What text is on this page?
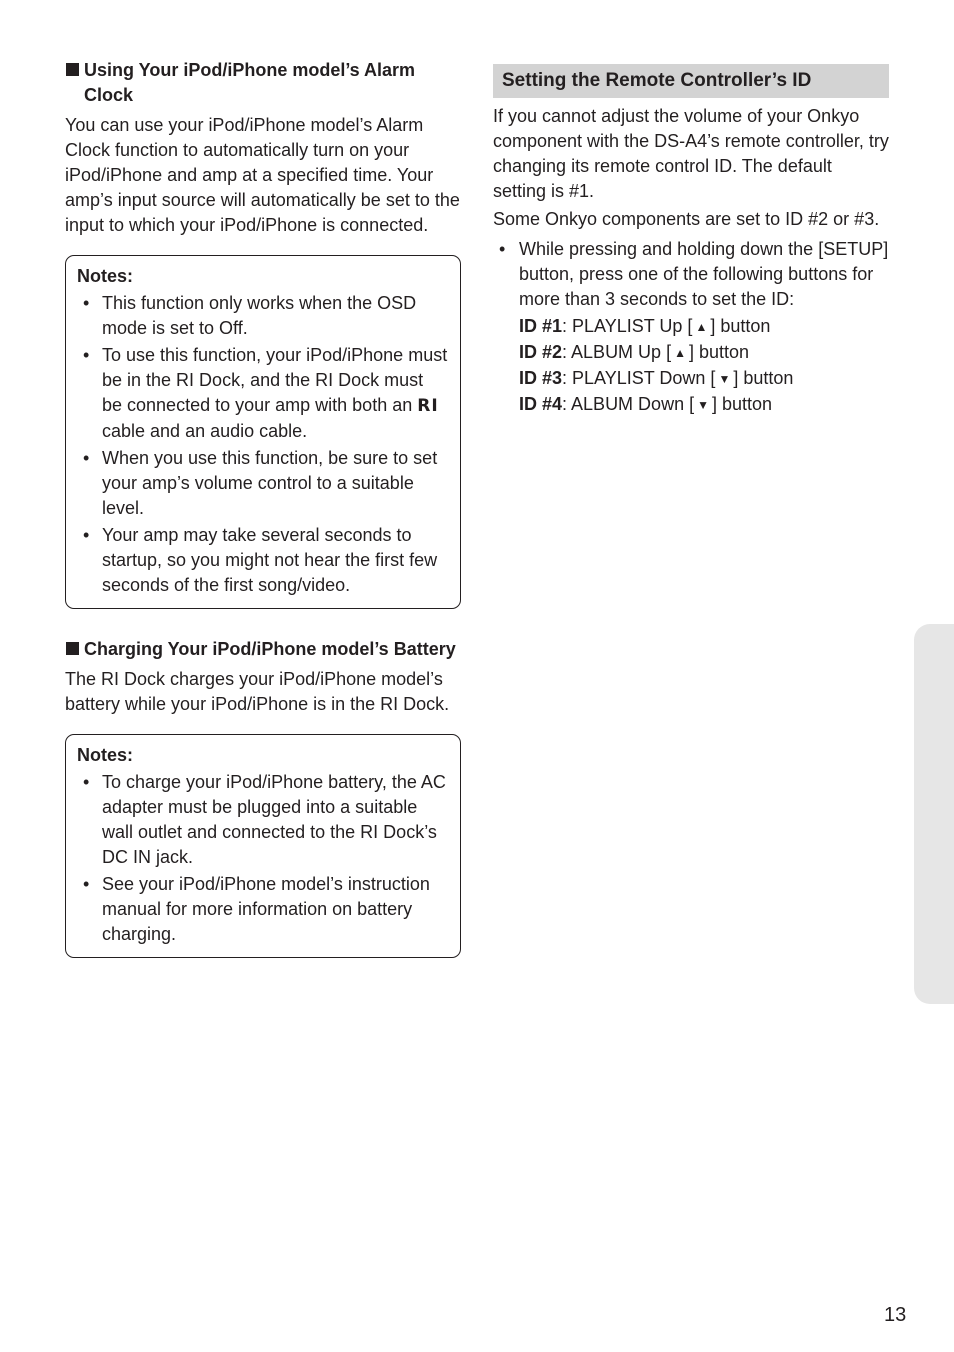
Using Your iPod/iPhone model’s Alarm Clock

You can use your iPod/iPhone model’s Alarm Clock function to automatically turn on your iPod/iPhone and amp at a specified time. Your amp’s input source will automatically be set to the input to which your iPod/iPhone is connected.

Notes:
• This function only works when the OSD mode is set to Off.
• To use this function, your iPod/iPhone must be in the RI Dock, and the RI Dock must be connected to your amp with both an RI cable and an audio cable.
• When you use this function, be sure to set your amp’s volume control to a suitable level.
• Your amp may take several seconds to startup, so you might not hear the first few seconds of the first song/video.
Charging Your iPod/iPhone model’s Battery

The RI Dock charges your iPod/iPhone model’s battery while your iPod/iPhone is in the RI Dock.

Notes:
• To charge your iPod/iPhone battery, the AC adapter must be plugged into a suitable wall outlet and connected to the RI Dock’s DC IN jack.
• See your iPod/iPhone model’s instruction manual for more information on battery charging.
Setting the Remote Controller’s ID

If you cannot adjust the volume of your Onkyo component with the DS-A4’s remote controller, try changing its remote control ID. The default setting is #1.

Some Onkyo components are set to ID #2 or #3.

• While pressing and holding down the [SETUP] button, press one of the following buttons for more than 3 seconds to set the ID:
ID #1: PLAYLIST Up [ ▲ ] button
ID #2: ALBUM Up [ ▲ ] button
ID #3: PLAYLIST Down [ ▼ ] button
ID #4: ALBUM Down [ ▼ ] button
13
